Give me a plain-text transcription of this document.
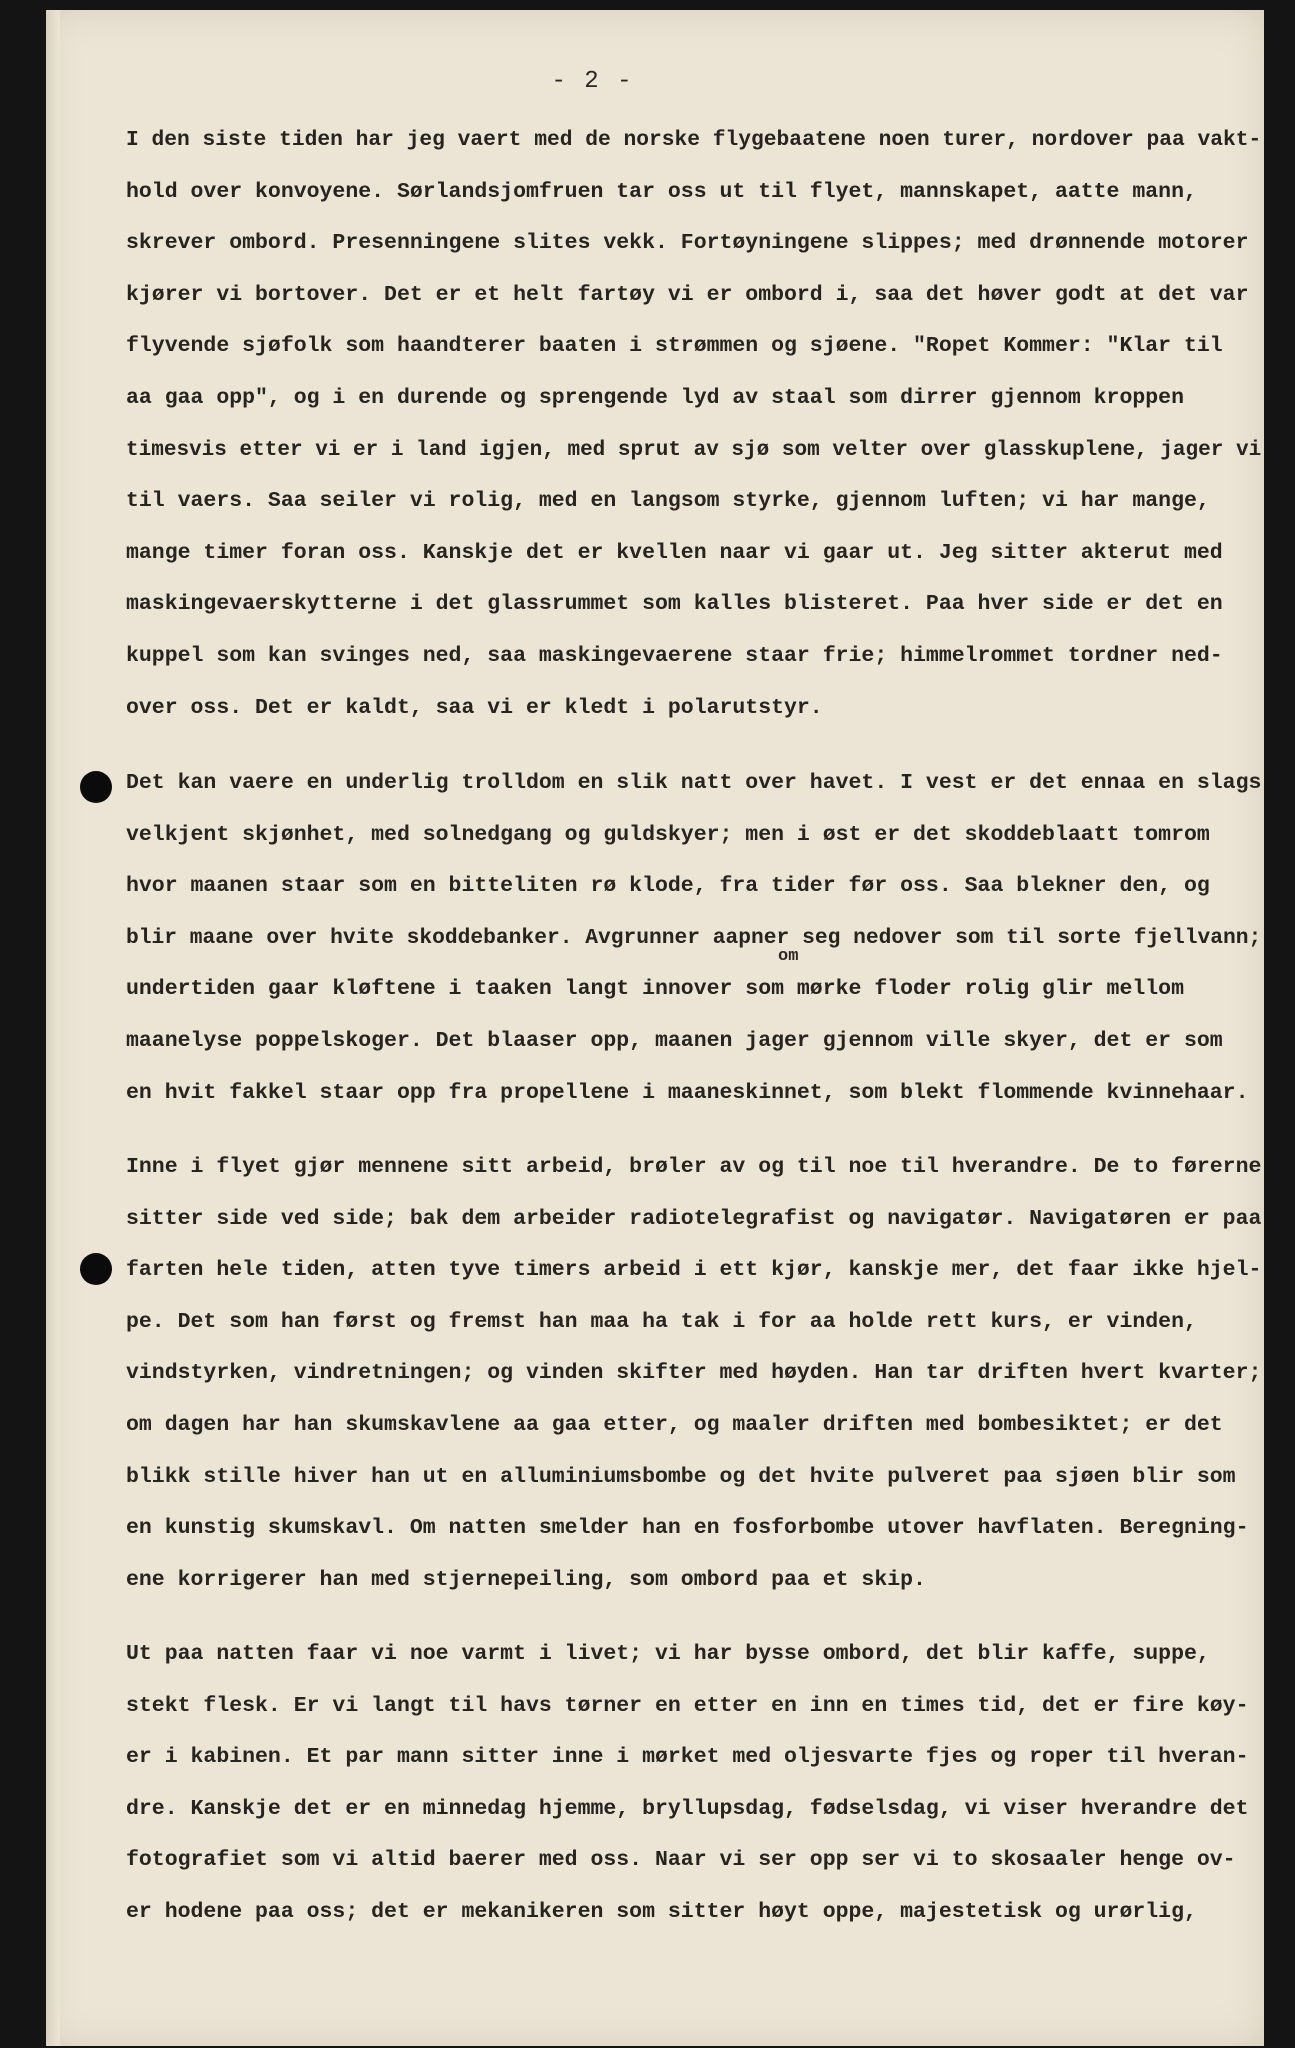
- 2 -
I den siste tiden har jeg vaert med de norske flygebaatene noen turer, nordover paa vakt-
hold over konvoyene. Sørlandsjomfruen tar oss ut til flyet, mannskapet, aatte mann,
skrever ombord. Presenningene slites vekk. Fortøyningene slippes; med drønnende motorer
kjører vi bortover. Det er et helt fartøy vi er ombord i, saa det høver godt at det var
flyvende sjøfolk som haandterer baaten i strømmen og sjøene. "Ropet Kommer: "Klar til
aa gaa opp", og i en durende og sprengende lyd av staal som dirrer gjennom kroppen
timesvis etter vi er i land igjen, med sprut av sjø som velter over glasskuplene, jager vi
til vaers. Saa seiler vi rolig, med en langsom styrke, gjennom luften; vi har mange,
mange timer foran oss. Kanskje det er kvellen naar vi gaar ut. Jeg sitter akterut med
maskingevaerskytterne i det glassrummet som kalles blisteret. Paa hver side er det en
kuppel som kan svinges ned, saa maskingevaerene staar frie; himmelrommet tordner ned-
over oss. Det er kaldt, saa vi er kledt i polarutstyr.
Det kan vaere en underlig trolldom en slik natt over havet. I vest er det ennaa en slags
velkjent skjønhet, med solnedgang og guldskyer; men i øst er det skoddeblaatt tomrom
hvor maanen staar som en bitteliten rø klode, fra tider før oss. Saa blekner den, og
blir maane over hvite skoddebanker. Avgrunner aapner seg nedover som til sorte fjellvann;
undertiden gaar kløftene i taaken langt innover som mørke floder rolig glir mellom
maanelyse poppelskoger. Det blaaser opp, maanen jager gjennom ville skyer, det er som
en hvit fakkel staar opp fra propellene i maaneskinnet, som blekt flommende kvinnehaar.
om
Inne i flyet gjør mennene sitt arbeid, brøler av og til noe til hverandre. De to førerne
sitter side ved side; bak dem arbeider radiotelegrafist og navigatør. Navigatøren er paa
farten hele tiden, atten tyve timers arbeid i ett kjør, kanskje mer, det faar ikke hjel-
pe. Det som han først og fremst han maa ha tak i for aa holde rett kurs, er vinden,
vindstyrken, vindretningen; og vinden skifter med høyden. Han tar driften hvert kvarter;
om dagen har han skumskavlene aa gaa etter, og maaler driften med bombesiktet; er det
blikk stille hiver han ut en alluminiumsbombe og det hvite pulveret paa sjøen blir som
en kunstig skumskavl. Om natten smelder han en fosforbombe utover havflaten. Beregning-
ene korrigerer han med stjernepeiling, som ombord paa et skip.
Ut paa natten faar vi noe varmt i livet; vi har bysse ombord, det blir kaffe, suppe,
stekt flesk. Er vi langt til havs tørner en etter en inn en times tid, det er fire køy-
er i kabinen. Et par mann sitter inne i mørket med oljesvarte fjes og roper til hveran-
dre. Kanskje det er en minnedag hjemme, bryllupsdag, fødselsdag, vi viser hverandre det
fotografiet som vi altid baerer med oss. Naar vi ser opp ser vi to skosaaler henge ov-
er hodene paa oss; det er mekanikeren som sitter høyt oppe, majestetisk og urørlig,
